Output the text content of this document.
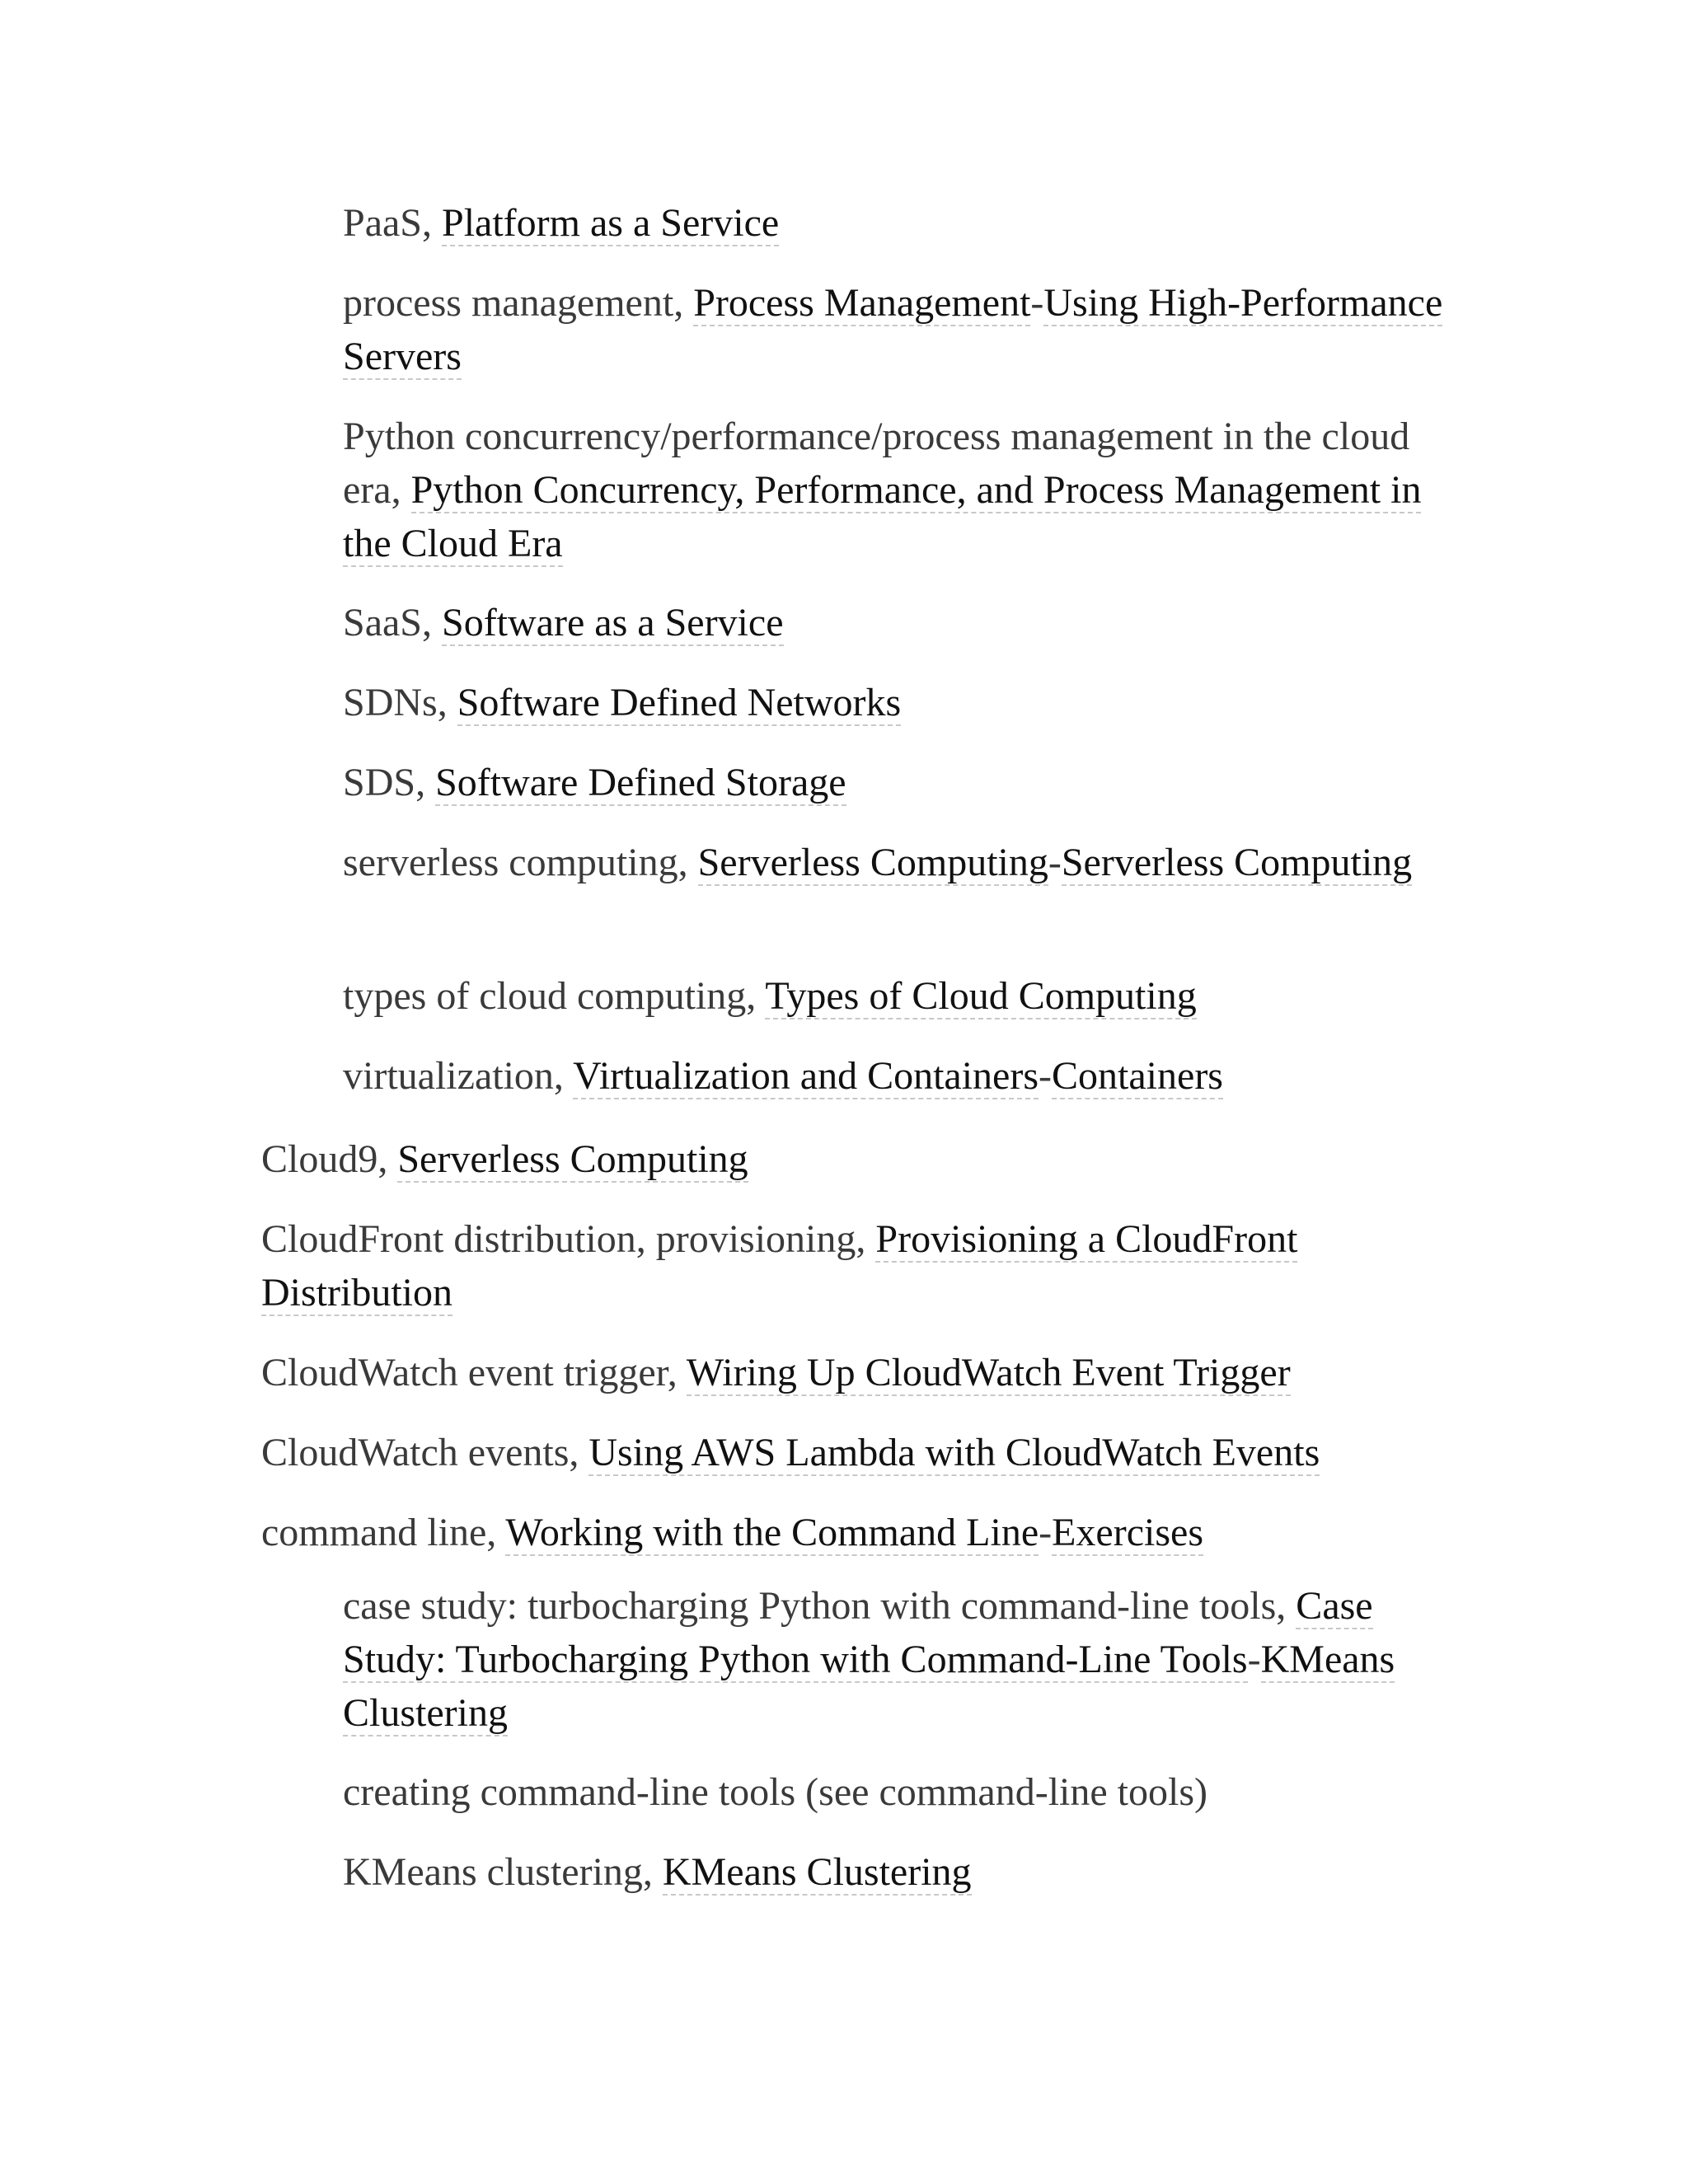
PaaS, Platform as a Service

process management, Process Management-Using High-Performance Servers

Python concurrency/performance/process management in the cloud era, Python Concurrency, Performance, and Process Management in the Cloud Era

SaaS, Software as a Service

SDNs, Software Defined Networks

SDS, Software Defined Storage

serverless computing, Serverless Computing-Serverless Computing

types of cloud computing, Types of Cloud Computing

virtualization, Virtualization and Containers-Containers

Cloud9, Serverless Computing

CloudFront distribution, provisioning, Provisioning a CloudFront Distribution

CloudWatch event trigger, Wiring Up CloudWatch Event Trigger

CloudWatch events, Using AWS Lambda with CloudWatch Events

command line, Working with the Command Line-Exercises

case study: turbocharging Python with command-line tools, Case Study: Turbocharging Python with Command-Line Tools-KMeans Clustering

creating command-line tools (see command-line tools)

KMeans clustering, KMeans Clustering
